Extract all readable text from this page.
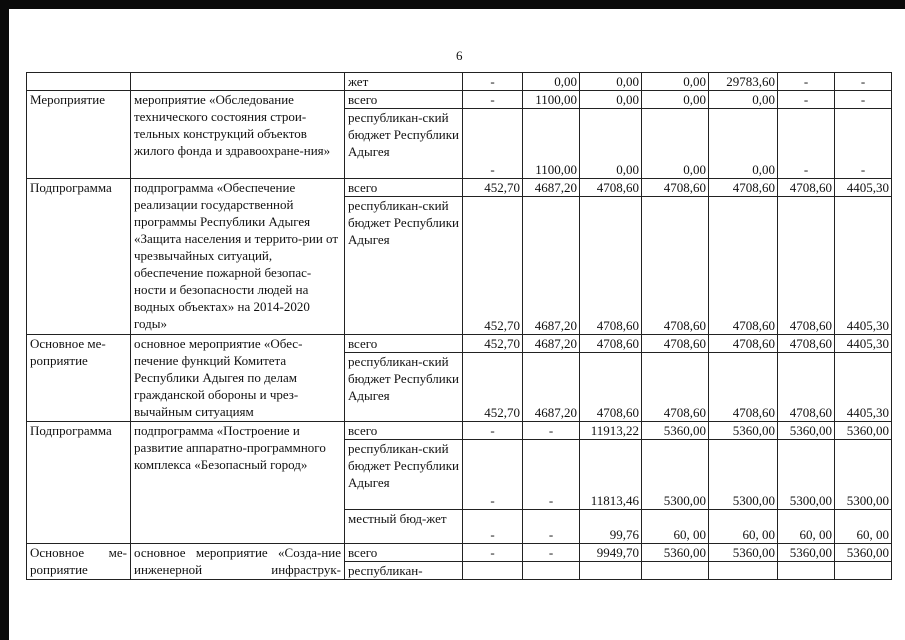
6
		жет	-	0,00	0,00	0,00	29783,60	-	-
Мероприятие	мероприятие «Обследование технического состояния строи-тельных конструкций объектов жилого фонда и здравоохране-ния»	всего	-	1100,00	0,00	0,00	0,00	-	-
		республикан-ский бюджет Республики Адыгея	-	1100,00	0,00	0,00	0,00	-	-
Подпрограмма	подпрограмма «Обеспечение реализации государственной программы Республики Адыгея «Защита населения и террито-рии от чрезвычайных ситуаций, обеспечение пожарной безопас-ности и безопасности людей на водных объектах» на 2014-2020 годы»	всего	452,70	4687,20	4708,60	4708,60	4708,60	4708,60	4405,30
		республикан-ский бюджет Республики Адыгея	452,70	4687,20	4708,60	4708,60	4708,60	4708,60	4405,30
Основное ме-роприятие	основное мероприятие «Обес-печение функций Комитета Республики Адыгея по делам гражданской обороны и чрез-вычайным ситуациям	всего	452,70	4687,20	4708,60	4708,60	4708,60	4708,60	4405,30
		республикан-ский бюджет Республики Адыгея	452,70	4687,20	4708,60	4708,60	4708,60	4708,60	4405,30
Подпрограмма	подпрограмма «Построение и развитие аппаратно-программного комплекса «Безопасный город»	всего	-	-	11913,22	5360,00	5360,00	5360,00	5360,00
		республикан-ский бюджет Республики Адыгея	-	-	11813,46	5300,00	5300,00	5300,00	5300,00
		местный бюд-жет	-	-	99,76	60, 00	60, 00	60, 00	60, 00
Основное ме-роприятие	основное мероприятие «Созда-ние инженерной инфраструк-	всего	-	-	9949,70	5360,00	5360,00	5360,00	5360,00
		республикан-							
